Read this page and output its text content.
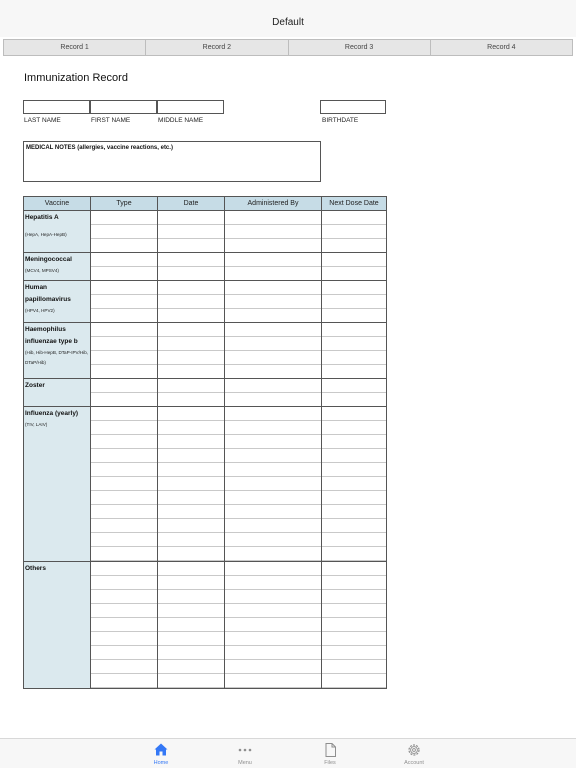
Default
Record 1	Record 2	Record 3	Record 4
Immunization Record
LAST NAME	FIRST NAME	MIDDLE NAME	BIRTHDATE
MEDICAL NOTES (allergies, vaccine reactions, etc.)
Vaccine	Type	Date	Administered By	Next Dose Date

Hepatitis A
(HepA, HepA-HepB)				

Meningococcal
(MCV4, MPSV4)				

Human papillomavirus
(HPV4, HPV2)				

Haemophilus influenzae type b
(Hib, Hib-HepB, DTaP-IPV/Hib, DTaP/Hib)				

Zoster				

Influenza (yearly)
(TIV, LAIV)				

Others				

Home	Menu	Files	Account
